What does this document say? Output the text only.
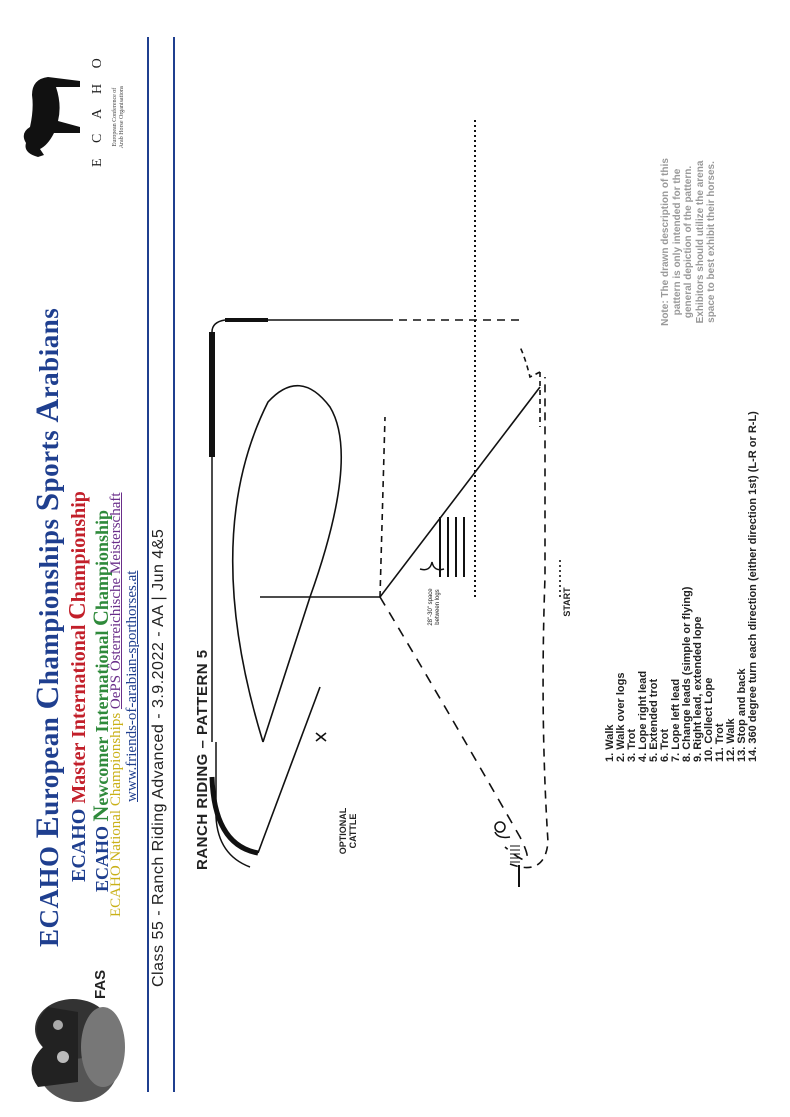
FAS
ECAHO European Championships Sports Arabians
ECAHO Master International Championship
ECAHO Newcomer International Championship
ECAHO National Championships OePS Österreichische Meisterschaft www.friends-of-arabian-sporthorses.at
E C A H O European Conference of Arab Horse Organisations
Class 55 - Ranch Riding Advanced - 3.9.2022 - AA | Jun 4&5 RANCH RIDING – PATTERN 5	OPTIONAL CATTLE
28"-30" space between logs	START
1. Walk 2. Walk over logs 3. Trot 4. Lope right lead 5. Extended trot 6. Trot 7. Lope left lead 8. Change leads (simple or flying) 9. Right lead, extended lope 10. Collect Lope 11. Trot 12. Walk 13. Stop and back 14. 360 degree turn each direction (either direction 1st) (L-R or R-L)
Note: The drawn description of this pattern is only intended for the general depiction of the pattern. Exhibitors should utilize the arena space to best exhibit their horses.
